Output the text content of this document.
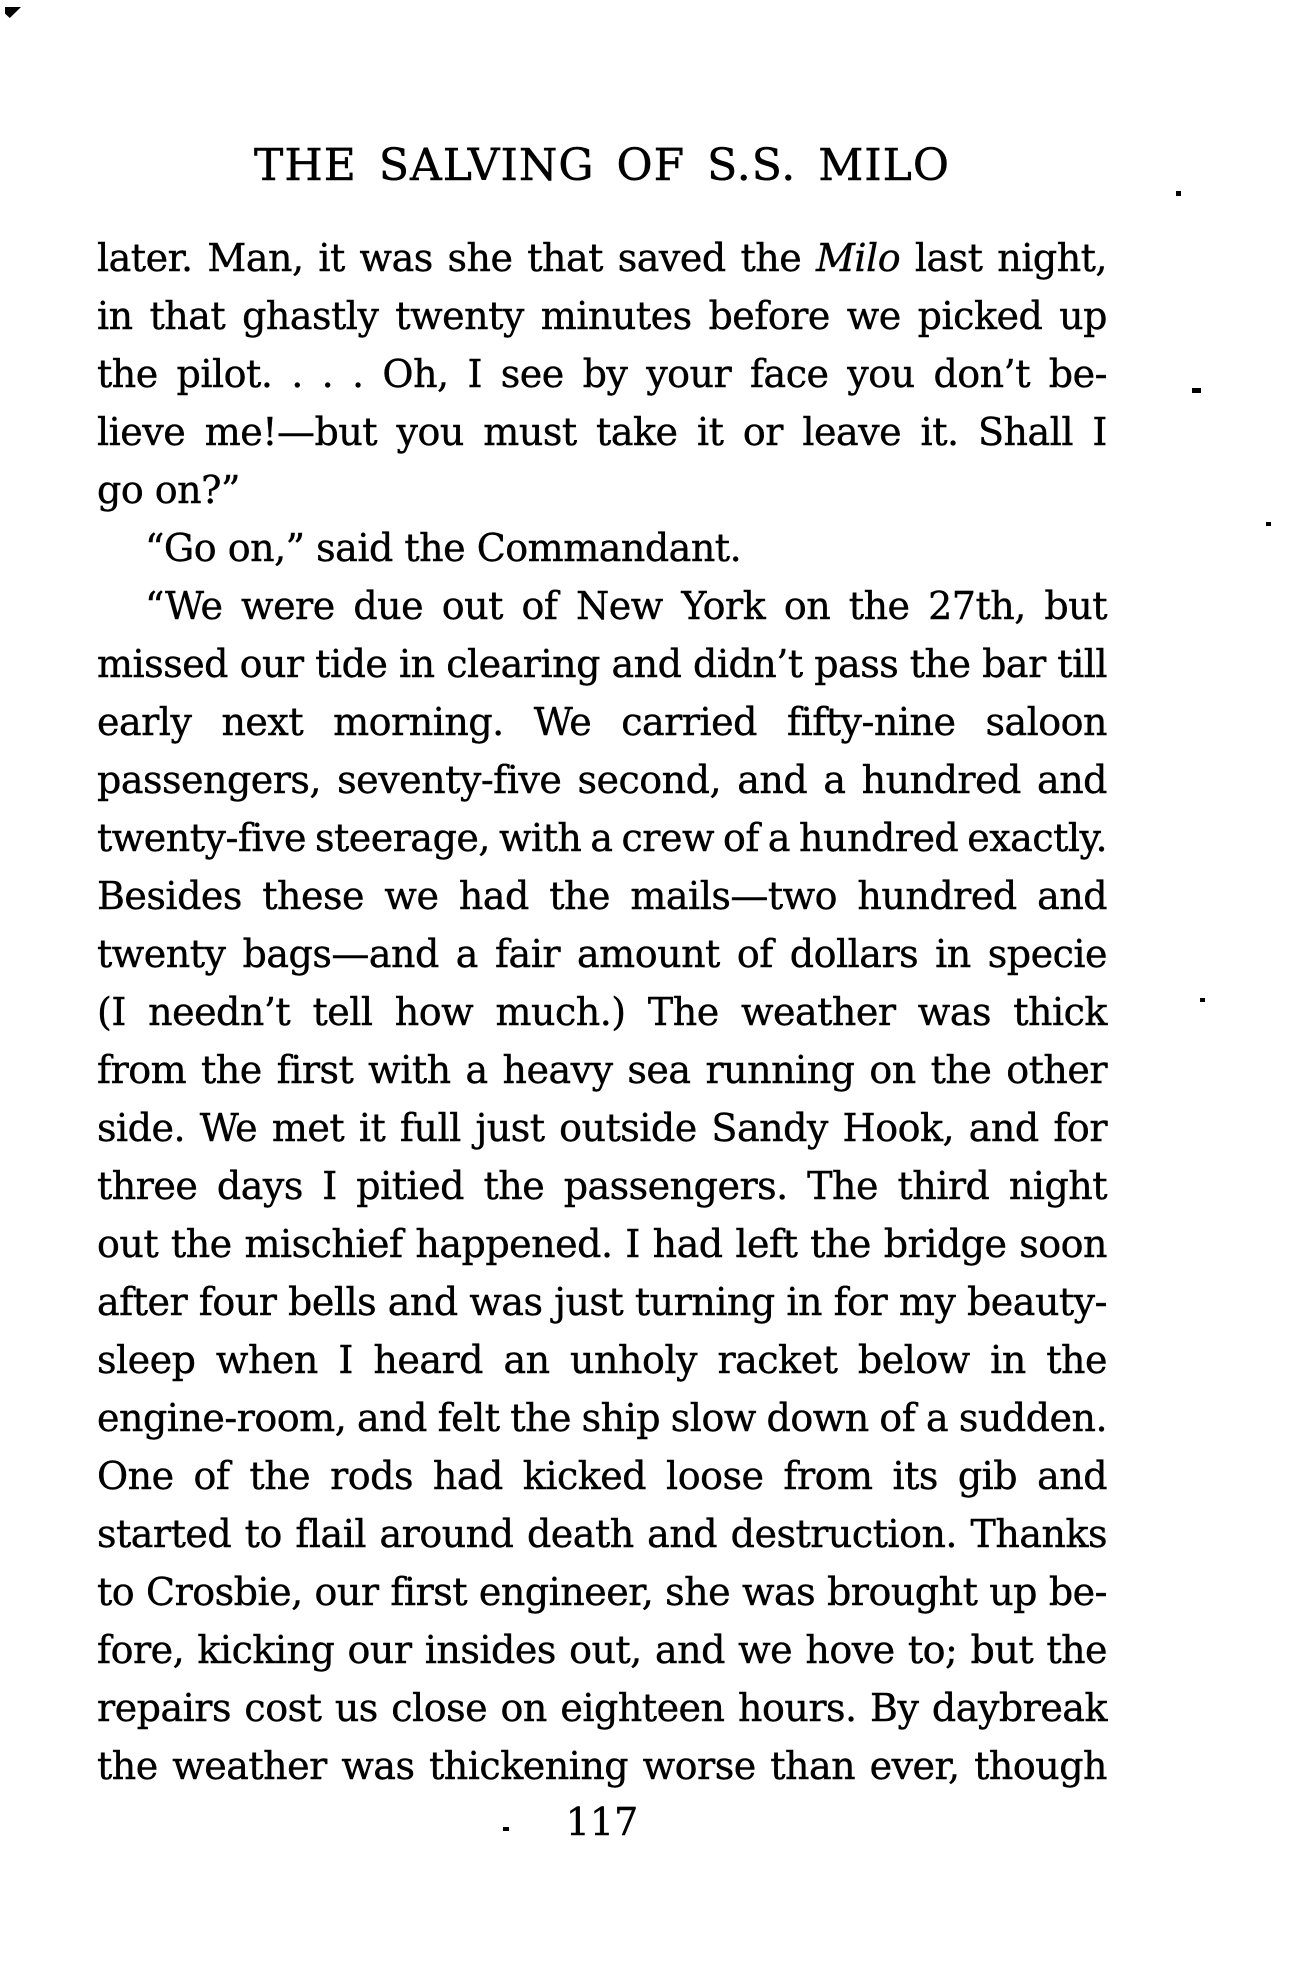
THE SALVING OF S.S. MILO
later. Man, it was she that saved the Milo last night,
in that ghastly twenty minutes before we picked up
the pilot. . . . Oh, I see by your face you don’t be-
lieve me!—but you must take it or leave it. Shall I
go on?”
“Go on,” said the Commandant.
“We were due out of New York on the 27th, but
missed our tide in clearing and didn’t pass the bar till
early next morning. We carried fifty-nine saloon
passengers, seventy-five second, and a hundred and
twenty-five steerage, with a crew of a hundred exactly.
Besides these we had the mails—two hundred and
twenty bags—and a fair amount of dollars in specie
(I needn’t tell how much.) The weather was thick
from the first with a heavy sea running on the other
side. We met it full just outside Sandy Hook, and for
three days I pitied the passengers. The third night
out the mischief happened. I had left the bridge soon
after four bells and was just turning in for my beauty-
sleep when I heard an unholy racket below in the
engine-room, and felt the ship slow down of a sudden.
One of the rods had kicked loose from its gib and
started to flail around death and destruction. Thanks
to Crosbie, our first engineer, she was brought up be-
fore, kicking our insides out, and we hove to; but the
repairs cost us close on eighteen hours. By daybreak
the weather was thickening worse than ever, though
117
